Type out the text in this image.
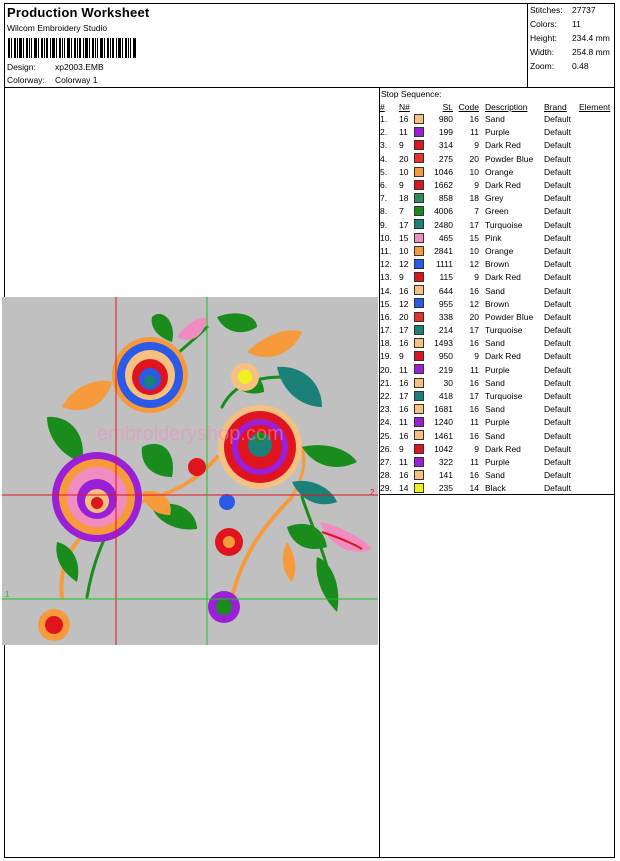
Production Worksheet
Wilcom Embroidery Studio
Design: xp2003.EMB
Colorway: Colorway 1
Stitches: 27737
Colors: 11
Height: 234.4 mm
Width: 254.8 mm
Zoom: 0.48
Stop Sequence:
#	N#		St.	Code	Description	Brand	Element
1.	16		980	16	Sand	Default	
2.	11		199	11	Purple	Default	
3.	9		314	9	Dark Red	Default	
4.	20		275	20	Powder Blue	Default	
5.	10		1046	10	Orange	Default	
6.	9		1662	9	Dark Red	Default	
7.	18		858	18	Grey	Default	
8.	7		4006	7	Green	Default	
9.	17		2480	17	Turquoise	Default	
10.	15		465	15	Pink	Default	
11.	10		2841	10	Orange	Default	
12.	12		1111	12	Brown	Default	
13.	9		115	9	Dark Red	Default	
14.	16		644	16	Sand	Default	
15.	12		955	12	Brown	Default	
16.	20		338	20	Powder Blue	Default	
17.	17		214	17	Turquoise	Default	
18.	16		1493	16	Sand	Default	
19.	9		950	9	Dark Red	Default	
20.	11		219	11	Purple	Default	
21.	16		30	16	Sand	Default	
22.	17		418	17	Turquoise	Default	
23.	16		1681	16	Sand	Default	
24.	11		1240	11	Purple	Default	
25.	16		1461	16	Sand	Default	
26.	9		1042	9	Dark Red	Default	
27.	11		322	11	Purple	Default	
28.	16		141	16	Sand	Default	
29.	14		235	14	Black	Default	
embroideryshop.com
2
1
